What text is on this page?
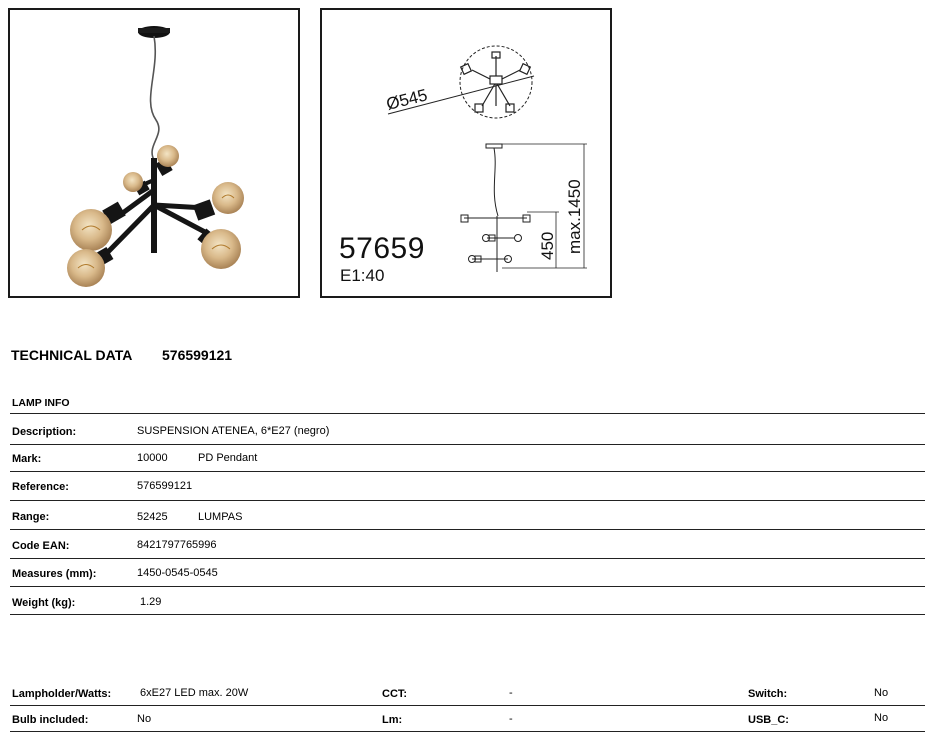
Ø545
max.1450
450
57659
E1:40
TECHNICAL DATA 576599121
LAMP INFO
Description:	SUSPENSION ATENEA, 6*E27 (negro)
Mark:	10000	PD Pendant
Reference:	576599121
Range:	52425	LUMPAS
Code EAN:	8421797765996
Measures (mm):	1450-0545-0545
Weight (kg):	1.29
Lampholder/Watts:	6xE27 LED max. 20W	CCT:	-	Switch:	No
Bulb included:	No	Lm:	-	USB_C:	No
